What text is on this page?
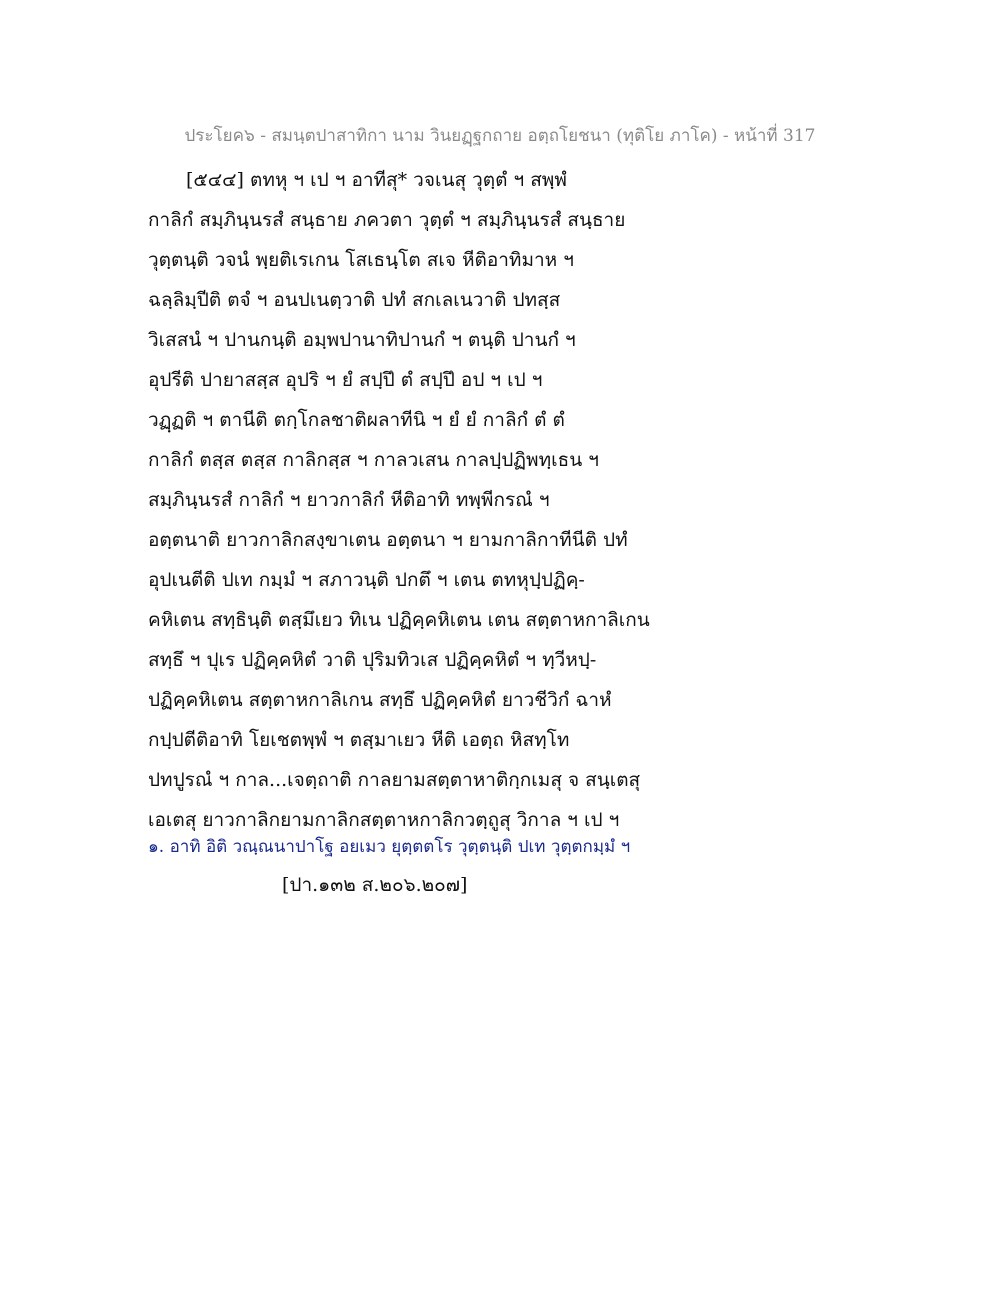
ประโยค๖ - สมนฺตปาสาทิกา นาม วินยฏฺฐกถาย อตฺถโยชนา (ทุติโย ภาโค) - หน้าที่ 317
[๕๔๔] ตทหุ ฯ เป ฯ อาทีสุ* วจเนสุ วุตฺตํ ฯ สพฺพํ
กาลิกํ สมฺภินฺนรสํ สนฺธาย ภควตา วุตฺตํ ฯ สมฺภินฺนรสํ สนฺธาย
วุตฺตนฺติ วจนํ พฺยติเรเกน โสเธนฺโต สเจ หีติอาทิมาห ฯ
ฉลฺลิมฺปีติ ตจํ ฯ อนปเนตฺวาติ ปทํ สกเลเนวาติ ปทสฺส
วิเสสนํ ฯ ปานกนฺติ อมฺพปานาทิปานกํ ฯ ตนฺติ ปานกํ ฯ
อุปรีติ ปายาสสฺส อุปริ ฯ ยํ สปฺปึ ตํ สปฺปึ อป ฯ เป ฯ
วฏฺฏติ ฯ ตานีติ ตกฺโกลชาติผลาทีนิ ฯ ยํ ยํ กาลิกํ ตํ ตํ
กาลิกํ ตสฺส ตสฺส กาลิกสฺส ฯ กาลวเสน กาลปฺปฏิพทฺเธน ฯ
สมฺภินฺนรสํ กาลิกํ ฯ ยาวกาลิกํ หีติอาทิ ทพฺพีกรณํ ฯ
อตฺตนาติ ยาวกาลิกสงฺขาเตน อตฺตนา ฯ ยามกาลิกาทีนีติ ปทํ
อุปเนตีติ ปเท กมฺมํ ฯ สภาวนฺติ ปกตึ ฯ เตน ตทหุปฺปฏิคฺ-
คหิเตน สทฺธินฺติ ตสฺมึเยว ทิเน ปฏิคฺคหิเตน เตน สตฺตาหกาลิเกน
สทฺธึ ฯ ปุเร ปฏิคฺคหิตํ วาติ ปุริมทิวเส ปฏิคฺคหิตํ ฯ ทฺวีหปฺ-
ปฏิคฺคหิเตน สตฺตาหกาลิเกน สทฺธึ ปฏิคฺคหิตํ ยาวชีวิกํ ฉาหํ
กปฺปตีติอาทิ โยเชตพฺพํ ฯ ตสฺมาเยว หีติ เอตฺถ หิสทฺโท
ปทปูรณํ ฯ กาล...เจตฺถาติ กาลยามสตฺตาหาติกฺกเมสุ จ สนฺเตสุ
เอเตสุ ยาวกาลิกยามกาลิกสตฺตาหกาลิกวตฺถูสุ วิกาล ฯ เป ฯ
๑. อาทิ อิติ วณฺณนาปาโฐ อยเมว ยุตฺตตโร วุตฺตนฺติ ปเท วุตฺตกมฺมํ ฯ
[ปา.๑๓๒ ส.๒๐๖.๒๐๗]
